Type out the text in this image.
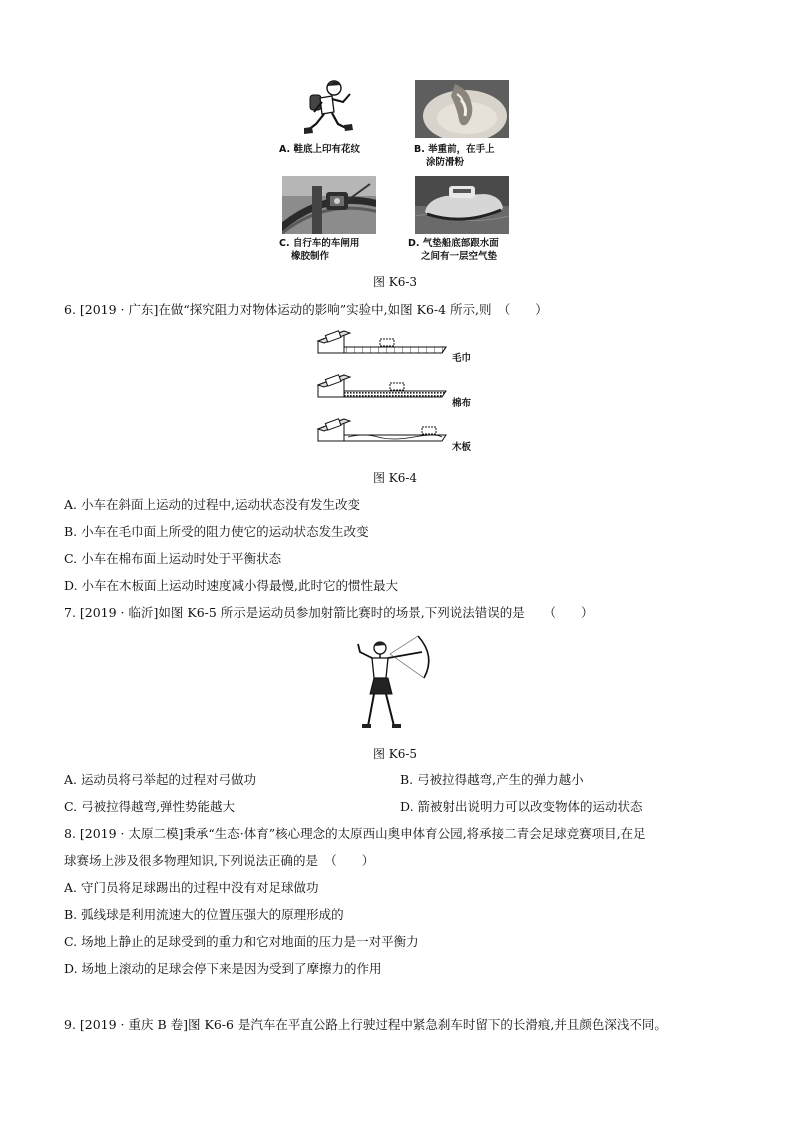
A. 鞋底上印有花纹	B. 举重前，在手上
涂防滑粉
C. 自行车的车闸用
橡胶制作
D. 气垫船底部跟水面
之间有一层空气垫
图 K6-3
6. [2019 · 广东]在做“探究阻力对物体运动的影响”实验中,如图 K6-4 所示,则　（　　）
毛巾
棉布
木板
图 K6-4
A. 小车在斜面上运动的过程中,运动状态没有发生改变
B. 小车在毛巾面上所受的阻力使它的运动状态发生改变
C. 小车在棉布面上运动时处于平衡状态
D. 小车在木板面上运动时速度减小得最慢,此时它的惯性最大
7. [2019 · 临沂]如图 K6-5 所示是运动员参加射箭比赛时的场景,下列说法错误的是　　（　　）
图 K6-5
A. 运动员将弓举起的过程对弓做功	B. 弓被拉得越弯,产生的弹力越小
C. 弓被拉得越弯,弹性势能越大	D. 箭被射出说明力可以改变物体的运动状态
8. [2019 · 太原二模]秉承“生态·体育”核心理念的太原西山奥申体育公园,将承接二青会足球竞赛项目,在足
球赛场上涉及很多物理知识,下列说法正确的是　（　　）
A. 守门员将足球踢出的过程中没有对足球做功
B. 弧线球是利用流速大的位置压强大的原理形成的
C. 场地上静止的足球受到的重力和它对地面的压力是一对平衡力
D. 场地上滚动的足球会停下来是因为受到了摩擦力的作用
9. [2019 · 重庆 B 卷]图 K6-6 是汽车在平直公路上行驶过程中紧急刹车时留下的长滑痕,并且颜色深浅不同。
